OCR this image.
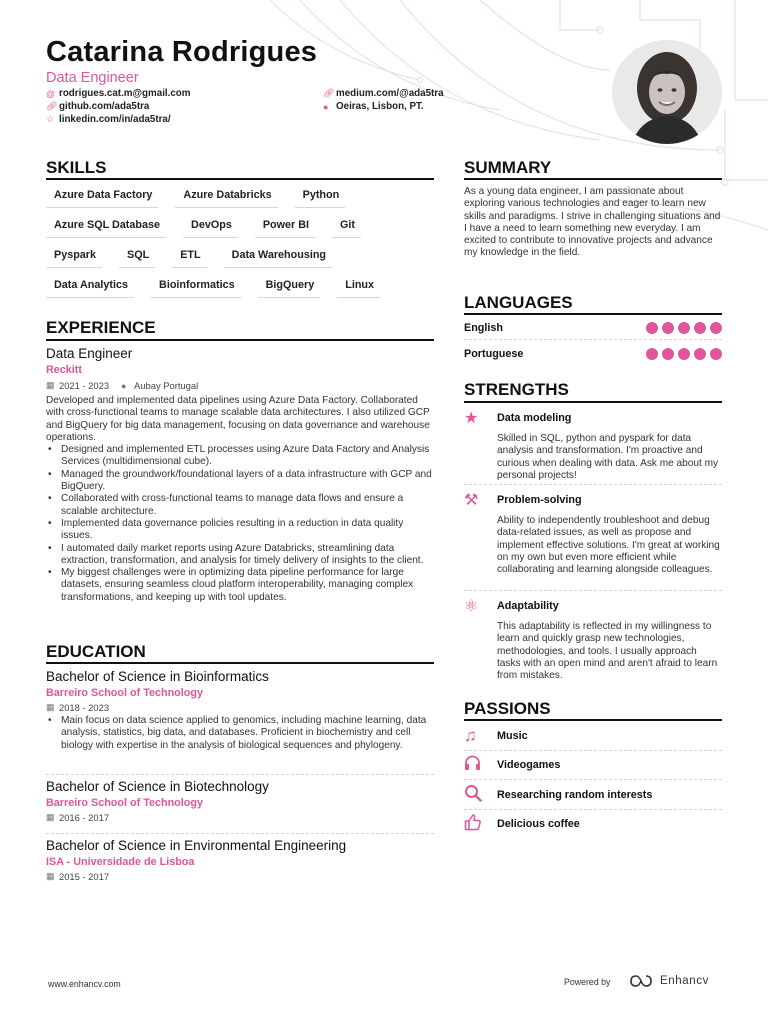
Catarina Rodrigues
Data Engineer
@ rodrigues.cat.m@gmail.com
🔗︎ github.com/ada5tra
☆ linkedin.com/in/ada5tra/
🔗︎ medium.com/@ada5tra
● Oeiras, Lisbon, PT.
SKILLS
Azure Data Factory	Azure Databricks	Python
Azure SQL Database	DevOps	Power BI	Git
Pyspark	SQL	ETL	Data Warehousing
Data Analytics	Bioinformatics	BigQuery	Linux
EXPERIENCE
Data Engineer
Reckitt
▦ 2021 - 2023 ● Aubay Portugal
Developed and implemented data pipelines using Azure Data Factory. Collaborated with cross-functional teams to manage scalable data architectures. I also utilized GCP and BigQuery for big data management, focusing on data governance and warehouse operations.
• Designed and implemented ETL processes using Azure Data Factory and Analysis Services (multidimensional cube).
• Managed the groundwork/foundational layers of a data infrastructure with GCP and BigQuery.
• Collaborated with cross-functional teams to manage data flows and ensure a scalable architecture.
• Implemented data governance policies resulting in a reduction in data quality issues.
• I automated daily market reports using Azure Databricks, streamlining data extraction, transformation, and analysis for timely delivery of insights to the client.
• My biggest challenges were in optimizing data pipeline performance for large datasets, ensuring seamless cloud platform interoperability, managing complex transformations, and keeping up with tool updates.
EDUCATION
Bachelor of Science in Bioinformatics
Barreiro School of Technology
▦ 2018 - 2023
• Main focus on data science applied to genomics, including machine learning, data analysis, statistics, big data, and databases. Proficient in biochemistry and cell biology with expertise in the analysis of biological sequences and phylogeny.
Bachelor of Science in Biotechnology
Barreiro School of Technology
▦ 2016 - 2017
Bachelor of Science in Environmental Engineering
ISA - Universidade de Lisboa
▦ 2015 - 2017
SUMMARY
As a young data engineer, I am passionate about exploring various technologies and eager to learn new skills and paradigms. I strive in challenging situations and I have a need to learn something new everyday. I am excited to contribute to innovative projects and advance my knowledge in the field.
LANGUAGES
English
Portuguese
STRENGTHS
★	Data modeling
Skilled in SQL, python and pyspark for data analysis and transformation. I'm proactive and curious when dealing with data. Ask me about my personal projects!
⚒	Problem-solving
Ability to independently troubleshoot and debug data-related issues, as well as propose and implement effective solutions. I'm great at working on my own but even more efficient while collaborating and learning alongside colleagues.
⚛	Adaptability
This adaptability is reflected in my willingness to learn and quickly grasp new technologies, methodologies, and tools. I usually approach tasks with an open mind and aren't afraid to learn from mistakes.
PASSIONS
♫	Music
Videogames
Researching random interests
Delicious coffee
www.enhancv.com	Powered by	Enhancv
